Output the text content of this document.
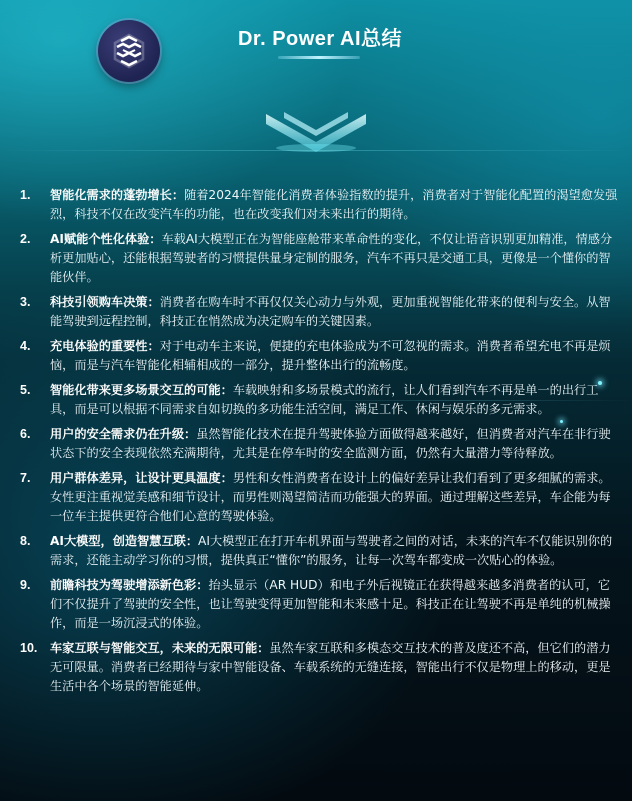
Dr. Power AI总结
1.	智能化需求的蓬勃增长：随着2024年智能化消费者体验指数的提升，消费者对于智能化配置的渴望愈发强烈，科技不仅在改变汽车的功能，也在改变我们对未来出行的期待。
2.	AI赋能个性化体验：车载AI大模型正在为智能座舱带来革命性的变化，不仅让语音识别更加精准，情感分析更加贴心，还能根据驾驶者的习惯提供量身定制的服务，汽车不再只是交通工具，更像是一个懂你的智能伙伴。
3.	科技引领购车决策：消费者在购车时不再仅仅关心动力与外观，更加重视智能化带来的便利与安全。从智能驾驶到远程控制，科技正在悄然成为决定购车的关键因素。
4.	充电体验的重要性：对于电动车主来说，便捷的充电体验成为不可忽视的需求。消费者希望充电不再是烦恼，而是与汽车智能化相辅相成的一部分，提升整体出行的流畅度。
5.	智能化带来更多场景交互的可能：车载映射和多场景模式的流行，让人们看到汽车不再是单一的出行工具，而是可以根据不同需求自如切换的多功能生活空间，满足工作、休闲与娱乐的多元需求。
6.	用户的安全需求仍在升级：虽然智能化技术在提升驾驶体验方面做得越来越好，但消费者对汽车在非行驶状态下的安全表现依然充满期待，尤其是在停车时的安全监测方面，仍然有大量潜力等待释放。
7.	用户群体差异，让设计更具温度：男性和女性消费者在设计上的偏好差异让我们看到了更多细腻的需求。女性更注重视觉美感和细节设计，而男性则渴望简洁而功能强大的界面。通过理解这些差异，车企能为每一位车主提供更符合他们心意的驾驶体验。
8.	AI大模型，创造智慧互联：AI大模型正在打开车机界面与驾驶者之间的对话，未来的汽车不仅能识别你的需求，还能主动学习你的习惯，提供真正“懂你”的服务，让每一次驾车都变成一次贴心的体验。
9.	前瞻科技为驾驶增添新色彩：抬头显示（AR HUD）和电子外后视镜正在获得越来越多消费者的认可，它们不仅提升了驾驶的安全性，也让驾驶变得更加智能和未来感十足。科技正在让驾驶不再是单纯的机械操作，而是一场沉浸式的体验。
10.	车家互联与智能交互，未来的无限可能：虽然车家互联和多模态交互技术的普及度还不高，但它们的潜力无可限量。消费者已经期待与家中智能设备、车载系统的无缝连接，智能出行不仅是物理上的移动，更是生活中各个场景的智能延伸。
